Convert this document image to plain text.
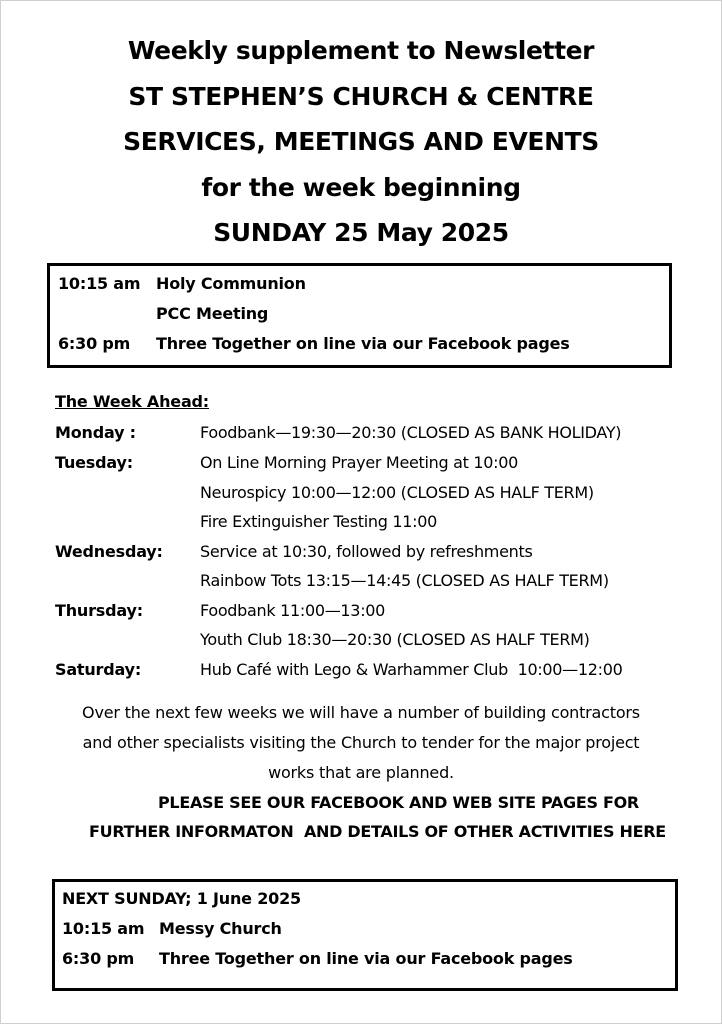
Weekly supplement to Newsletter
ST STEPHEN’S CHURCH & CENTRE
SERVICES, MEETINGS AND EVENTS
for the week beginning
SUNDAY 25 May 2025
10:15 am Holy Communion
PCC Meeting
6:30 pm Three Together on line via our Facebook pages
The Week Ahead:
Monday :	Foodbank—19:30—20:30 (CLOSED AS BANK HOLIDAY)
Tuesday:	On Line Morning Prayer Meeting at 10:00
Neurospicy 10:00—12:00 (CLOSED AS HALF TERM)
Fire Extinguisher Testing 11:00
Wednesday: Service at 10:30, followed by refreshments
Rainbow Tots 13:15—14:45 (CLOSED AS HALF TERM)
Thursday:	Foodbank 11:00—13:00
Youth Club 18:30—20:30 (CLOSED AS HALF TERM)
Saturday:	Hub Café with Lego & Warhammer Club  10:00—12:00
Over the next few weeks we will have a number of building contractors
and other specialists visiting the Church to tender for the major project
works that are planned.
PLEASE SEE OUR FACEBOOK AND WEB SITE PAGES FOR
FURTHER INFORMATON  AND DETAILS OF OTHER ACTIVITIES HERE
NEXT SUNDAY; 1 June 2025
10:15 am Messy Church
6:30 pm Three Together on line via our Facebook pages
